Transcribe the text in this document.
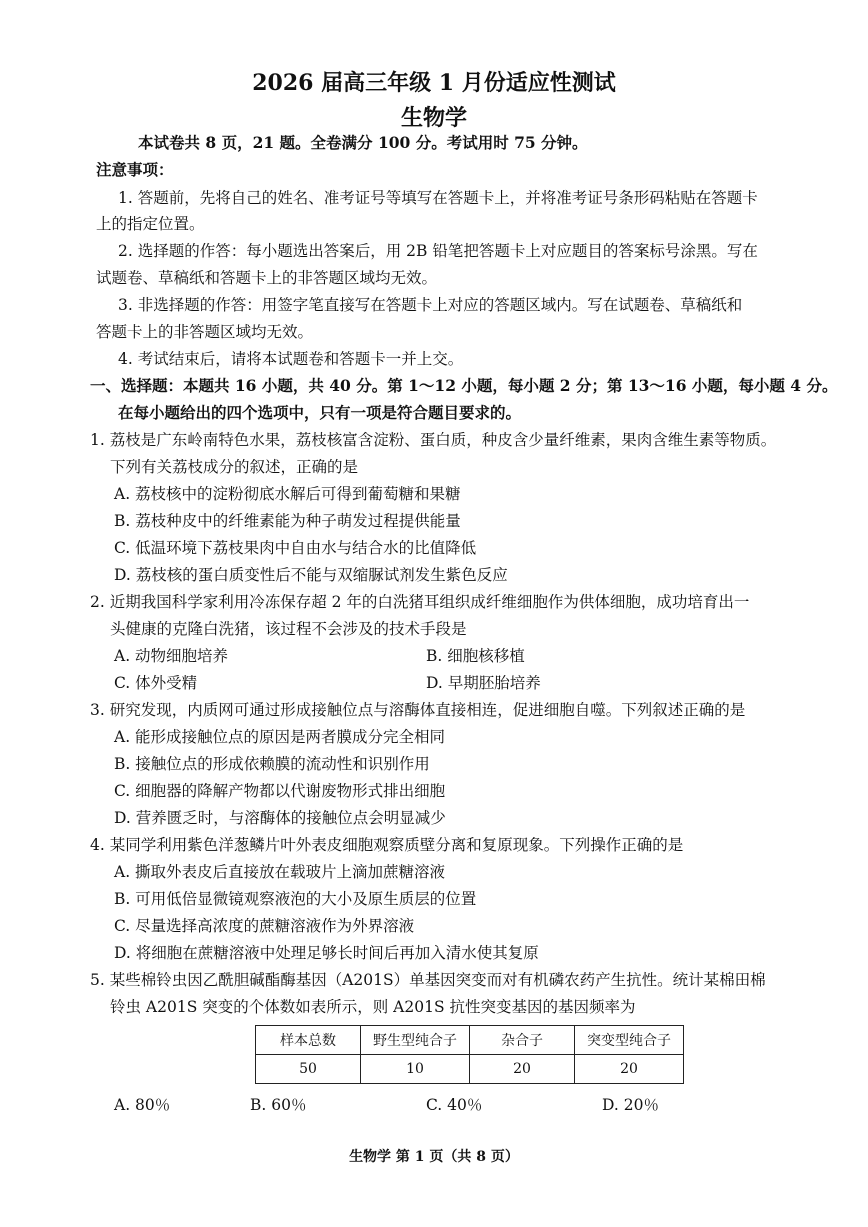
2026 届高三年级 1 月份适应性测试
生物学
本试卷共 8 页，21 题。全卷满分 100 分。考试用时 75 分钟。
注意事项：
1. 答题前，先将自己的姓名、准考证号等填写在答题卡上，并将准考证号条形码粘贴在答题卡
上的指定位置。
2. 选择题的作答：每小题选出答案后，用 2B 铅笔把答题卡上对应题目的答案标号涂黑。写在
试题卷、草稿纸和答题卡上的非答题区域均无效。
3. 非选择题的作答：用签字笔直接写在答题卡上对应的答题区域内。写在试题卷、草稿纸和
答题卡上的非答题区域均无效。
4. 考试结束后，请将本试题卷和答题卡一并上交。
一、选择题：本题共 16 小题，共 40 分。第 1～12 小题，每小题 2 分；第 13～16 小题，每小题 4 分。
在每小题给出的四个选项中，只有一项是符合题目要求的。
1. 荔枝是广东岭南特色水果，荔枝核富含淀粉、蛋白质，种皮含少量纤维素，果肉含维生素等物质。
下列有关荔枝成分的叙述，正确的是
A. 荔枝核中的淀粉彻底水解后可得到葡萄糖和果糖
B. 荔枝种皮中的纤维素能为种子萌发过程提供能量
C. 低温环境下荔枝果肉中自由水与结合水的比值降低
D. 荔枝核的蛋白质变性后不能与双缩脲试剂发生紫色反应
2. 近期我国科学家利用冷冻保存超 2 年的白洗猪耳组织成纤维细胞作为供体细胞，成功培育出一
头健康的克隆白洗猪，该过程不会涉及的技术手段是
A. 动物细胞培养	B. 细胞核移植
C. 体外受精	D. 早期胚胎培养
3. 研究发现，内质网可通过形成接触位点与溶酶体直接相连，促进细胞自噬。下列叙述正确的是
A. 能形成接触位点的原因是两者膜成分完全相同
B. 接触位点的形成依赖膜的流动性和识别作用
C. 细胞器的降解产物都以代谢废物形式排出细胞
D. 营养匮乏时，与溶酶体的接触位点会明显减少
4. 某同学利用紫色洋葱鳞片叶外表皮细胞观察质壁分离和复原现象。下列操作正确的是
A. 撕取外表皮后直接放在载玻片上滴加蔗糖溶液
B. 可用低倍显微镜观察液泡的大小及原生质层的位置
C. 尽量选择高浓度的蔗糖溶液作为外界溶液
D. 将细胞在蔗糖溶液中处理足够长时间后再加入清水使其复原
5. 某些棉铃虫因乙酰胆碱酯酶基因（A201S）单基因突变而对有机磷农药产生抗性。统计某棉田棉
铃虫 A201S 突变的个体数如表所示，则 A201S 抗性突变基因的基因频率为
样本总数	野生型纯合子	杂合子	突变型纯合子
50	10	20	20
A. 80％	B. 60％	C. 40％	D. 20％
生物学 第 1 页（共 8 页）
